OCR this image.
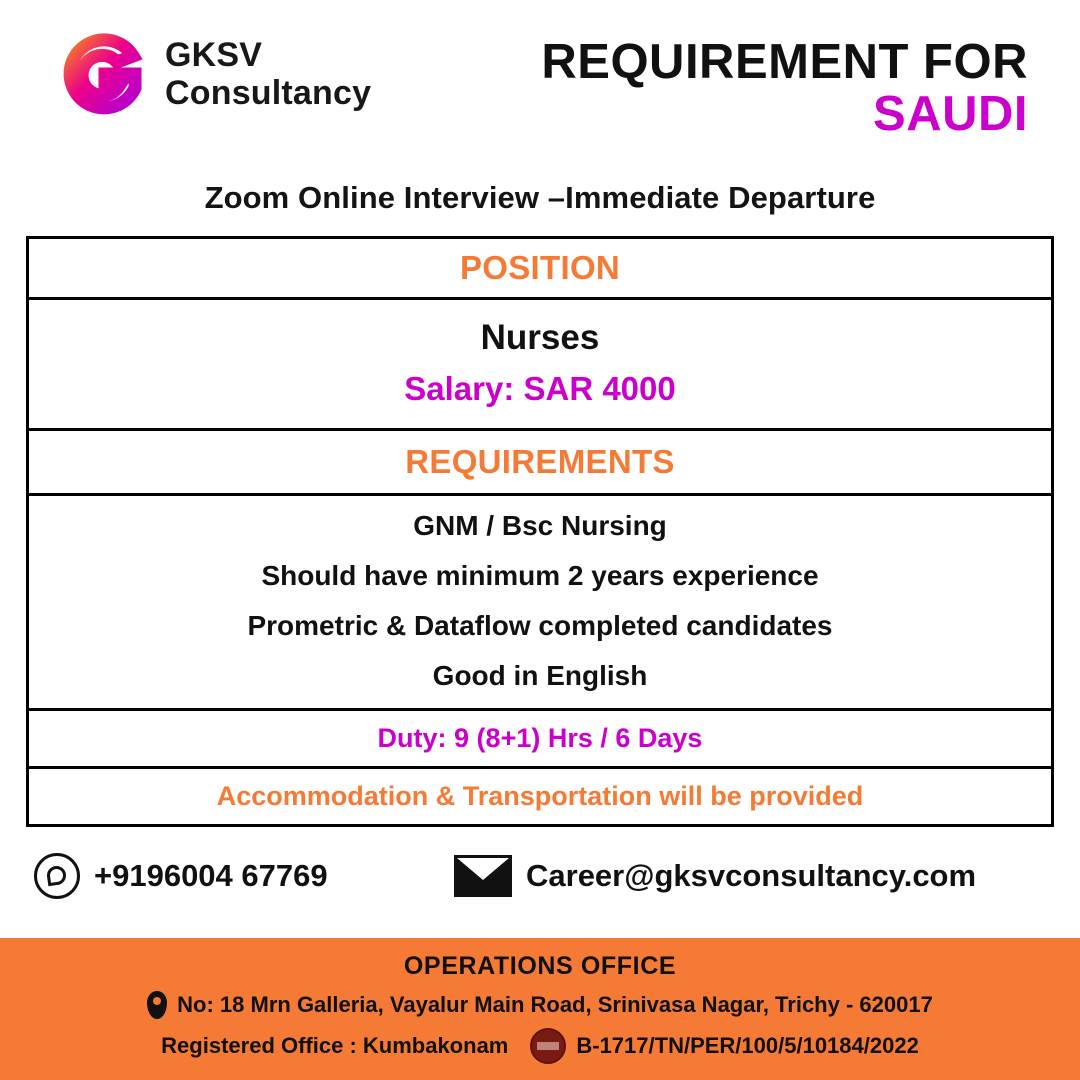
GKSV
Consultancy
REQUIREMENT FOR
SAUDI
Zoom Online Interview –Immediate Departure
POSITION
Nurses
Salary: SAR 4000
REQUIREMENTS

GNM / Bsc Nursing

Should have minimum 2 years experience

Prometric & Dataflow completed candidates

Good in English

Duty: 9 (8+1) Hrs / 6 Days
Accommodation & Transportation will be provided
+9196004 67769	Career@gksvconsultancy.com
OPERATIONS OFFICE
No: 18 Mrn Galleria, Vayalur Main Road, Srinivasa Nagar, Trichy - 620017
Registered Office : Kumbakonam	B-1717/TN/PER/100/5/10184/2022
